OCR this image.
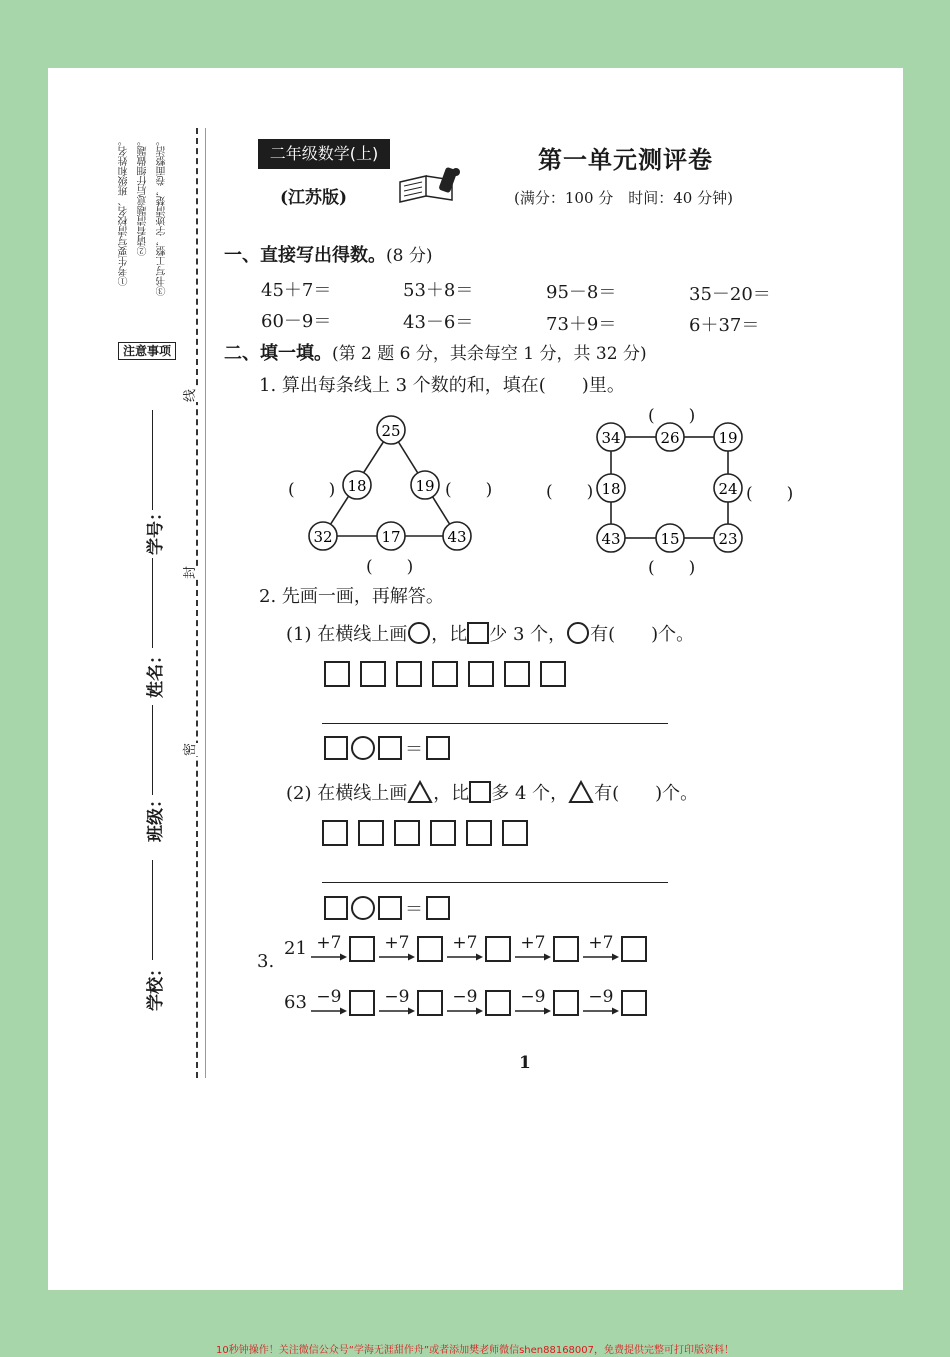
注意事项
①考生要写清校名、班级和姓名。 ②请看清题意后仔细做题。 ③书写工整，字迹清楚，卷面整洁。
学号：
姓名：
班级：
学校：
线
封
密
二年级数学(上)
(江苏版)
第一单元测评卷
(满分：100 分　时间：40 分钟)
一、直接写出得数。(8 分)
45＋7＝	53＋8＝	95－8＝	35－20＝
60－9＝	43－6＝	73＋9＝	6＋37＝
二、填一填。(第 2 题 6 分，其余每空 1 分，共 32 分)
1. 算出每条线上 3 个数的和，填在(　　)里。
25
18	19
32	17	43
(　　)	(　　)
(　　)
34	26	19
18	24
43	15	23
(　　)
(　　)	(　　)
(　　)
2. 先画一画，再解答。
(1) 在横线上画 ，比 少 3 个， 有(　　)个。
＝
(2) 在横线上画 ，比 多 4 个， 有(　　)个。
＝
3.
21 +7	+7	+7	+7	+7
63 −9	−9	−9	−9	−9
1
10秒钟操作！关注微信公众号“学海无涯甜作舟”或者添加樊老师微信shen88168007，免费提供完整可打印版资料！
